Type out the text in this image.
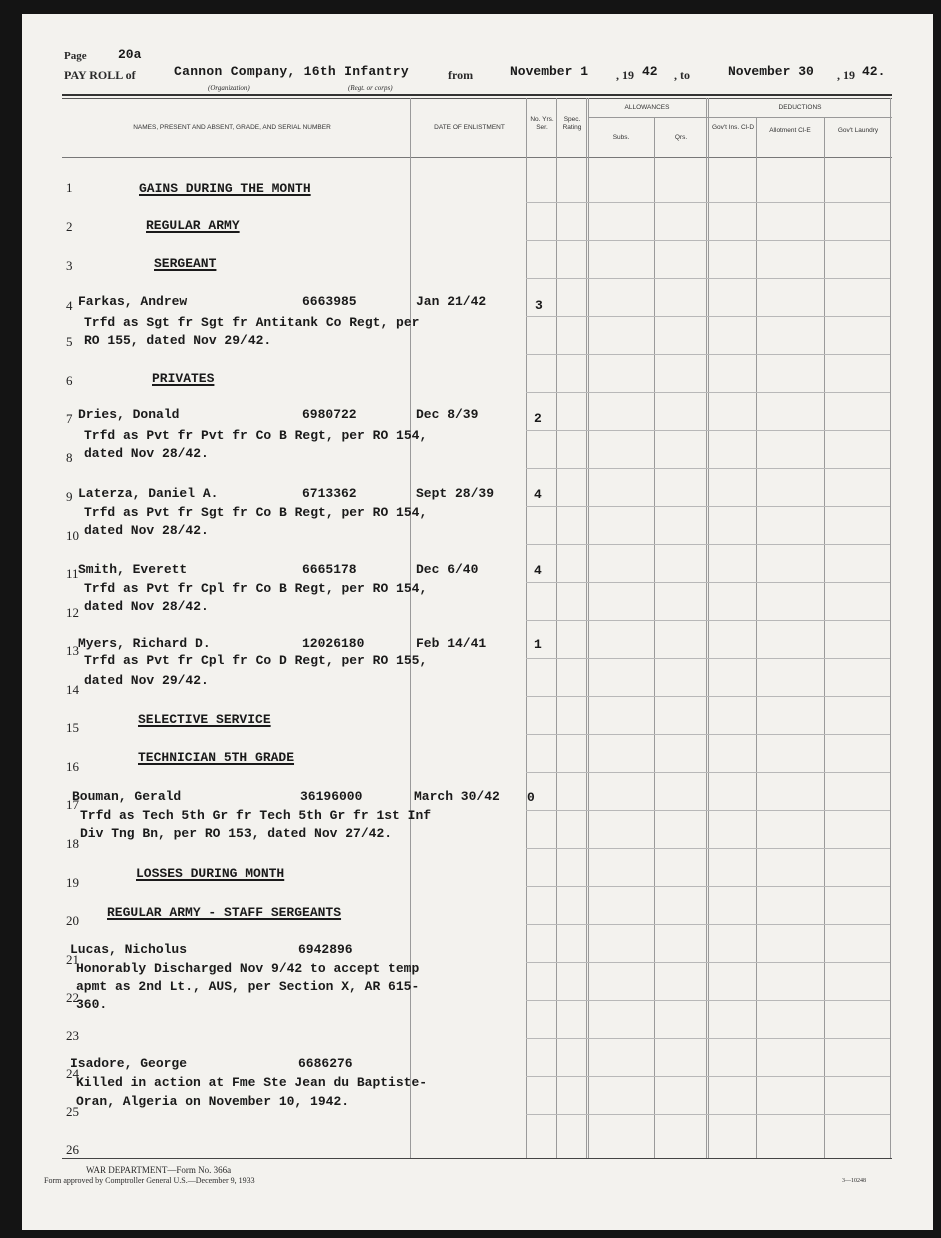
Page 20a
PAY ROLL of	Cannon Company, 16th Infantry
(Organization)	(Regt. or corps)
from	November 1 , 19 42 , to	November 30 , 19 42.
NAMES, PRESENT AND ABSENT, GRADE, AND SERIAL NUMBER	DATE OF ENLISTMENT
No. Yrs. Ser.
Spec. Rating
ALLOWANCES
Subs.	Qrs.
DEDUCTIONS
Gov't Ins. Cl-D	Allotment Cl-E	Gov't Laundry
1
2
3
4
5
6
7
8
9
10
11
12
13
14
15
16
17
18
19
20
21
22
23
24
25
26
GAINS DURING THE MONTH
REGULAR ARMY
SERGEANT
PRIVATES
SELECTIVE SERVICE
TECHNICIAN 5TH GRADE
LOSSES DURING MONTH
REGULAR ARMY - STAFF SERGEANTS
Farkas, Andrew	6663985	Jan 21/42	3
Trfd as Sgt fr Sgt fr Antitank Co Regt, per
RO 155, dated Nov 29/42.
Dries, Donald	6980722	Dec 8/39	2
Trfd as Pvt fr Pvt fr Co B Regt, per RO 154,
dated Nov 28/42.
Laterza, Daniel A.	6713362	Sept 28/39	4
Trfd as Pvt fr Sgt fr Co B Regt, per RO 154,
dated Nov 28/42.
Smith, Everett	6665178	Dec 6/40	4
Trfd as Pvt fr Cpl fr Co B Regt, per RO 154,
dated Nov 28/42.
Myers, Richard D.	12026180	Feb 14/41	1
Trfd as Pvt fr Cpl fr Co D Regt, per RO 155,
dated Nov 29/42.
Bouman, Gerald	36196000	March 30/42 0
Trfd as Tech 5th Gr fr Tech 5th Gr fr 1st Inf
Div Tng Bn, per RO 153, dated Nov 27/42.
Lucas, Nicholus	6942896
Honorably Discharged Nov 9/42 to accept temp
apmt as 2nd Lt., AUS, per Section X, AR 615-
360.
Isadore, George	6686276
Killed in action at Fme Ste Jean du Baptiste-
Oran, Algeria on November 10, 1942.
WAR DEPARTMENT—Form No. 366a
Form approved by Comptroller General U.S.—December 9, 1933	3—10248
